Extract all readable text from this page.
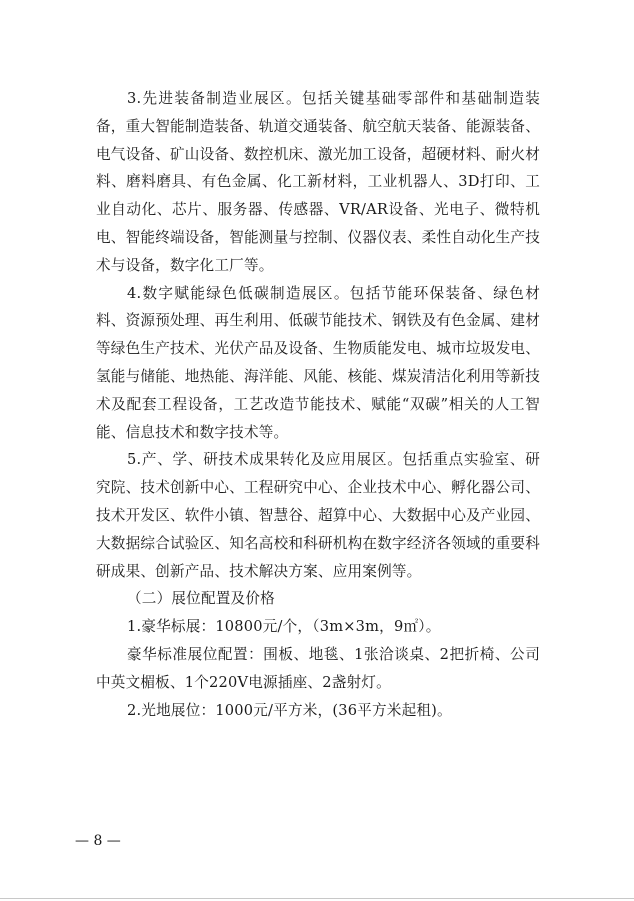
3.先进装备制造业展区。包括关键基础零部件和基础制造装备，重大智能制造装备、轨道交通装备、航空航天装备、能源装备、电气设备、矿山设备、数控机床、激光加工设备，超硬材料、耐火材料、磨料磨具、有色金属、化工新材料，工业机器人、3D打印、工业自动化、芯片、服务器、传感器、VR/AR设备、光电子、微特机电、智能终端设备，智能测量与控制、仪器仪表、柔性自动化生产技术与设备，数字化工厂等。

4.数字赋能绿色低碳制造展区。包括节能环保装备、绿色材料、资源预处理、再生利用、低碳节能技术、钢铁及有色金属、建材等绿色生产技术、光伏产品及设备、生物质能发电、城市垃圾发电、氢能与储能、地热能、海洋能、风能、核能、煤炭清洁化利用等新技术及配套工程设备，工艺改造节能技术、赋能“双碳”相关的人工智能、信息技术和数字技术等。

5.产、学、研技术成果转化及应用展区。包括重点实验室、研究院、技术创新中心、工程研究中心、企业技术中心、孵化器公司、技术开发区、软件小镇、智慧谷、超算中心、大数据中心及产业园、大数据综合试验区、知名高校和科研机构在数字经济各领域的重要科研成果、创新产品、技术解决方案、应用案例等。

（二）展位配置及价格

1.豪华标展：10800元/个，（3m×3m，9㎡）。

豪华标准展位配置：围板、地毯、1张洽谈桌、2把折椅、公司中英文楣板、1个220V电源插座、2盏射灯。

2.光地展位：1000元/平方米，(36平方米起租)。

— 8 —
